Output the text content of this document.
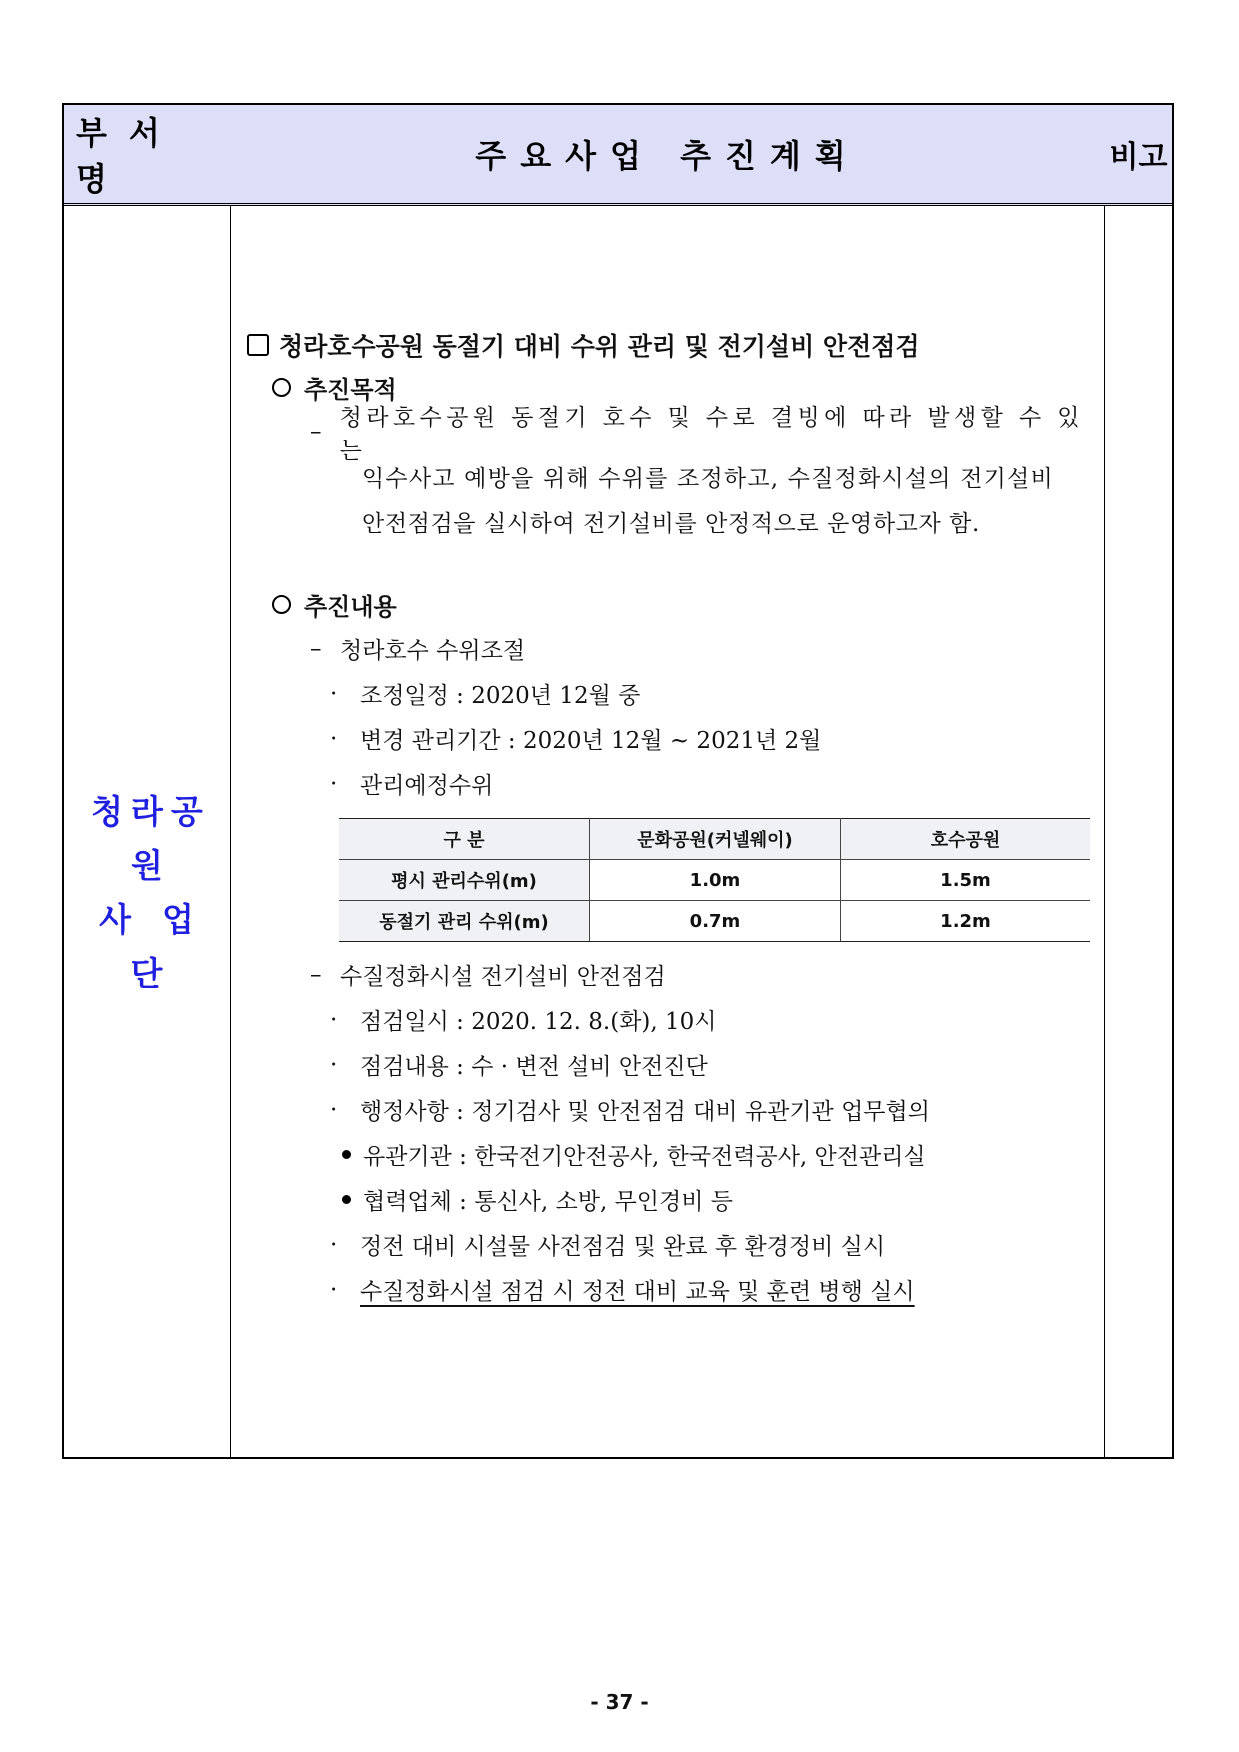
부서명
주요사업 추진계획	비고
청라공원
사업단
청라호수공원 동절기 대비 수위 관리 및 전기설비 안전점검
추진목적
–
청라호수공원 동절기 호수 및 수로 결빙에 따라 발생할 수 있는
익수사고 예방을 위해 수위를 조정하고, 수질정화시설의 전기설비
안전점검을 실시하여 전기설비를 안정적으로 운영하고자 함.
추진내용
– 청라호수 수위조절
· 조정일정 : 2020년 12월 중
· 변경 관리기간 : 2020년 12월 ~ 2021년 2월
· 관리예정수위
구 분	문화공원(커넬웨이)	호수공원
평시 관리수위(m)	1.0m	1.5m
동절기 관리 수위(m)	0.7m	1.2m
– 수질정화시설 전기설비 안전점검
· 점검일시 : 2020. 12. 8.(화), 10시
· 점검내용 : 수 · 변전 설비 안전진단
· 행정사항 : 정기검사 및 안전점검 대비 유관기관 업무협의
유관기관 : 한국전기안전공사, 한국전력공사, 안전관리실
협력업체 : 통신사, 소방, 무인경비 등
· 정전 대비 시설물 사전점검 및 완료 후 환경정비 실시
· 수질정화시설 점검 시 정전 대비 교육 및 훈련 병행 실시
- 37 -
